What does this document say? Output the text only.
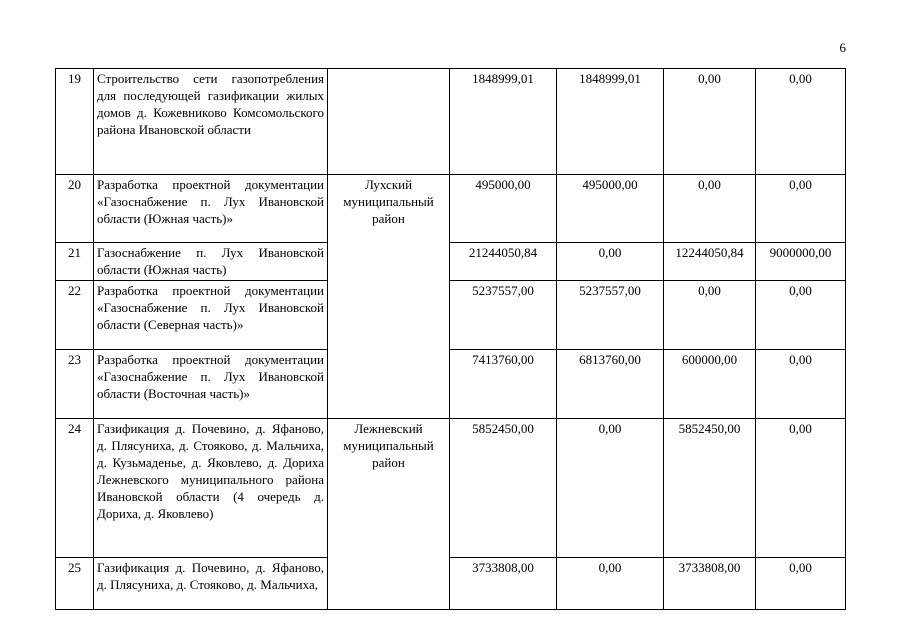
6
19	Строительство сети газопотребления для последующей газификации жилых домов д. Кожевниково Комсомольского района Ивановской области		1848999,01	1848999,01	0,00	0,00
20	Разработка проектной документации «Газоснабжение п. Лух Ивановской области (Южная часть)»	Лухский муниципальный район	495000,00	495000,00	0,00	0,00
21	Газоснабжение п. Лух Ивановской области (Южная часть)		21244050,84	0,00	12244050,84	9000000,00
22	Разработка проектной документации «Газоснабжение п. Лух Ивановской области (Северная часть)»		5237557,00	5237557,00	0,00	0,00
23	Разработка проектной документации «Газоснабжение п. Лух Ивановской области (Восточная часть)»		7413760,00	6813760,00	600000,00	0,00
24	Газификация д. Почевино, д. Яфаново, д. Плясуниха, д. Стояково, д. Мальчиха, д. Кузьмаденье, д. Яковлево, д. Дориха Лежневского муниципального района Ивановской области (4 очередь д. Дориха, д. Яковлево)	Лежневский муниципальный район	5852450,00	0,00	5852450,00	0,00
25	Газификация д. Почевино, д. Яфаново, д. Плясуниха, д. Стояково, д. Мальчиха,		3733808,00	0,00	3733808,00	0,00
